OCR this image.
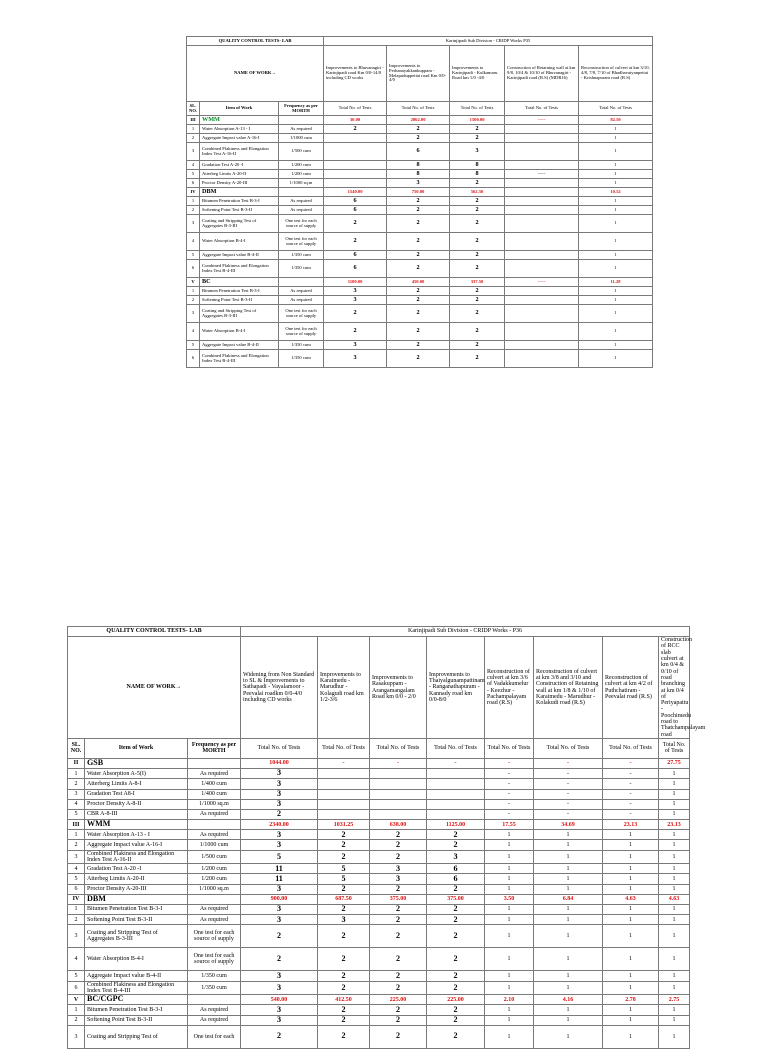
QUALITY CONTROL TESTS- LAB			Karinjipadi Sub Division - CRIDP Works P35				
NAME OF WORK→			Improvements to Bhuvanagiri - Karinjipadi road Km 0/0-14/0 including CD works	Improvements to Perhanayakkankuppam - Melapuduppettai road Km 0/0-4/0	Improvements to Karinjipadi - Kulkamaru Road km 1/0 -4/0	Construction of Retaining wall at km 9/8, 10/4 & 10/10 of Bhuvanagiri - Karinjipadi road (R.S) (MDR16)	Reconstruction of culvert at km 3/10, 4/8, 7/8, 7/10 of Bhadhavaiyanpettai - Krishnapuram road (R.S)
SL. NO.	Item of Work	Frequency as per MORTH	Total No. of Tests	Total No. of Tests	Total No. of Tests	Total No. of Tests	Total No. of Tests
III	WMM		30.00	2862.00	1500.00	-----	82.50
1	Water Absorption A-13 - I	As required	2	2	2		1
2	Aggregate Impact value A-16-I	1/1000 cum		2	2		1
3	Combined Flakiness and Elongation Index Test A-16-II	1/500 cum		6	3		1
4	Gradation Test A-20 -I	1/200 cum		8	8		1
5	Atterbeg Limits A-20-II	1/200 cum		8	8	-----	1
6	Proctor Density A-20-III	1/1000 sq.m		3	2		1
IV	DBM		1540.00	750.00	562.50		10.52
1	Bitumen Penetration Test B-3-I	As required	6	2	2		1
2	Softening Point Test B-3-II	As required	6	2	2		1
3	Coating and Stripping Test of Aggregates B-3-III	One test for each source of supply	2	2	2		1
4	Water Absorption B-4-I	One test for each source of supply	2	2	2		1
5	Aggregate Impact value B-4-II	1/350 cum	6	2	2		1
6	Combined Flakiness and Elongation Index Test B-4-III	1/350 cum	6	2	2		1
V	BC		1100.00	450.00	337.50	-----	11.28
1	Bitumen Penetration Test B-3-I	As required	3	2	2		1
2	Softening Point Test B-3-II	As required	3	2	2		1
3	Coating and Stripping Test of Aggregates B-3-III	One test for each source of supply	2	2	2		1
4	Water Absorption B-4-I	One test for each source of supply	2	2	2		1
5	Aggregate Impact value B-4-II	1/350 cum	3	2	2		1
6	Combined Flakiness and Elongation Index Test B-4-III	1/350 cum	3	2	2		1
QUALITY CONTROL TESTS- LAB			Karinjipadi Sub Division - CRIDP Works - P36							
NAME OF WORK→			Widening from Non Standard to SL & Improvements to Sathapadi - Vayalamoor - Peevalai roadkm 0/0-4/0 including CD works	Improvements to Karaimedu - Marudhur - Kolagudi road km 1/2-3/6	Improvements to Rasakuppam -Arangamangalam Road km 0/0 - 2/0	Improvements to Thaiyalgunampattinam - Ranganathapuram - Kannady road km 0/0-8/0	Reconstruction of culvert at km 3/6 of Vadakkumelur - Keezhur - Pachampalayam road (R.S)	Reconstruction of culvert at km 3/8 and 3/10 and Construction of Retaining wall at km 1/8 & 1/10 of Karaimedu - Marudhur - Kolakudi road (R.S)	Reconstruction of culvert at km 4/2 of Puthchatiram - Peevalai road (R.S)	Construction of RCC slab culvert at km 0/4 & 0/10 of road branching at km 0/4 of Periyapattu - Poochimedu road to Thatchampalayam road
SL. NO.	Item of Work	Frequency as per MORTH	Total No. of Tests	Total No. of Tests	Total No. of Tests	Total No. of Tests	Total No. of Tests	Total No. of Tests	Total No. of Tests	Total No. of Tests
II	GSB		1044.00	-	-	-	-	-	-	27.75
1	Water Absorption A-5(I)	As required	3				-	-	-	1
2	Atterberg Limits A-8-I	1/400 cum	3				-	-	-	1
3	Gradation Test A8-I	1/400 cum	3				-	-	-	1
4	Proctor Density A-8-II	1/1000 sq.m	3				-	-	-	1
5	CBR A-8-III	As required	2				-	-	-	1
III	WMM		2340.00	1031.25	638.00	1125.00	17.55	34.69	23.13	23.13
1	Water Absorption A-13 - I	As required	3	2	2	2	1	1	1	1
2	Aggregate Impact value A-16-I	1/1000 cum	3	2	2	2	1	1	1	1
3	Combined Flakiness and Elongation Index Test A-16-II	1/500 cum	5	2	2	3	1	1	1	1
4	Gradation Test A-20 -I	1/200 cum	11	5	3	6	1	1	1	1
5	Atterbeg Limits A-20-II	1/200 cum	11	5	3	6	1	1	1	1
6	Proctor Density A-20-III	1/1000 sq.m	3	2	2	2	1	1	1	1
IV	DBM		900.00	687.50	375.00	375.00	3.50	6.84	4.63	4.63
1	Bitumen Penetration Test B-3-I	As required	3	2	2	2	1	1	1	1
2	Softening Point Test B-3-II	As required	3	3	2	2	1	1	1	1
3	Coating and Stripping Test of Aggregates B-3-III	One test for each source of supply	2	2	2	2	1	1	1	1
4	Water Absorption B-4-I	One test for each source of supply	2	2	2	2	1	1	1	1
5	Aggregate Impact value B-4-II	1/350 cum	3	2	2	2	1	1	1	1
6	Combined Flakiness and Elongation Index Test B-4-III	1/350 cum	3	2	2	2	1	1	1	1
V	BC/CGPC		540.00	412.50	225.00	225.00	2.10	4.16	2.78	2.75
1	Bitumen Penetration Test B-3-I	As required	3	2	2	2	1	1	1	1
2	Softening Point Test B-3-II	As required	3	2	2	2	1	1	1	1
3	Coating and Stripping Test of	One test for each	2	2	2	2	1	1	1	1
